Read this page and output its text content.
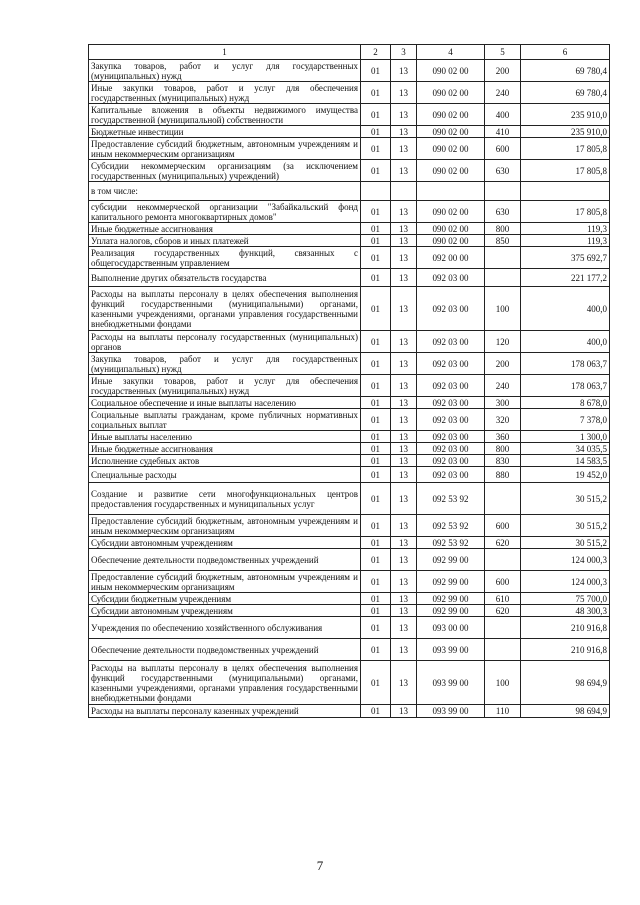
1	2	3	4	5	6
Закупка товаров, работ и услуг для государственных (муниципальных) нужд	01	13	090 02 00	200	69 780,4
Иные закупки товаров, работ и услуг для обеспечения государственных (муниципальных) нужд	01	13	090 02 00	240	69 780,4
Капитальные вложения в объекты недвижимого имущества государственной (муниципальной) собственности	01	13	090 02 00	400	235 910,0
Бюджетные инвестиции	01	13	090 02 00	410	235 910,0
Предоставление субсидий бюджетным, автономным учреждениям и иным некоммерческим организациям	01	13	090 02 00	600	17 805,8
Субсидии некоммерческим организациям (за исключением государственных (муниципальных) учреждений)	01	13	090 02 00	630	17 805,8
в том числе:					
субсидии некоммерческой организации "Забайкальский фонд капитального ремонта многоквартирных домов"	01	13	090 02 00	630	17 805,8
Иные бюджетные ассигнования	01	13	090 02 00	800	119,3
Уплата налогов, сборов и иных платежей	01	13	090 02 00	850	119,3
Реализация государственных функций, связанных с общегосударственным управлением	01	13	092 00 00		375 692,7
Выполнение других обязательств государства	01	13	092 03 00		221 177,2
Расходы на выплаты персоналу в целях обеспечения выполнения функций государственными (муниципальными) органами, казенными учреждениями, органами управления государственными внебюджетными фондами	01	13	092 03 00	100	400,0
Расходы на выплаты персоналу государственных (муниципальных) органов	01	13	092 03 00	120	400,0
Закупка товаров, работ и услуг для государственных (муниципальных) нужд	01	13	092 03 00	200	178 063,7
Иные закупки товаров, работ и услуг для обеспечения государственных (муниципальных) нужд	01	13	092 03 00	240	178 063,7
Социальное обеспечение и иные выплаты населению	01	13	092 03 00	300	8 678,0
Социальные выплаты гражданам, кроме публичных нормативных социальных выплат	01	13	092 03 00	320	7 378,0
Иные выплаты населению	01	13	092 03 00	360	1 300,0
Иные бюджетные ассигнования	01	13	092 03 00	800	34 035,5
Исполнение судебных актов	01	13	092 03 00	830	14 583,5
Специальные расходы	01	13	092 03 00	880	19 452,0
Создание и развитие сети многофункциональных центров предоставления государственных и муниципальных услуг	01	13	092 53 92		30 515,2
Предоставление субсидий бюджетным, автономным учреждениям и иным некоммерческим организациям	01	13	092 53 92	600	30 515,2
Субсидии автономным учреждениям	01	13	092 53 92	620	30 515,2
Обеспечение деятельности подведомственных учреждений	01	13	092 99 00		124 000,3
Предоставление субсидий бюджетным, автономным учреждениям и иным некоммерческим организациям	01	13	092 99 00	600	124 000,3
Субсидии бюджетным учреждениям	01	13	092 99 00	610	75 700,0
Субсидии автономным учреждениям	01	13	092 99 00	620	48 300,3
Учреждения по обеспечению хозяйственного обслуживания	01	13	093 00 00		210 916,8
Обеспечение деятельности подведомственных учреждений	01	13	093 99 00		210 916,8
Расходы на выплаты персоналу в целях обеспечения выполнения функций государственными (муниципальными) органами, казенными учреждениями, органами управления государственными внебюджетными фондами	01	13	093 99 00	100	98 694,9
Расходы на выплаты персоналу казенных учреждений	01	13	093 99 00	110	98 694,9
7
